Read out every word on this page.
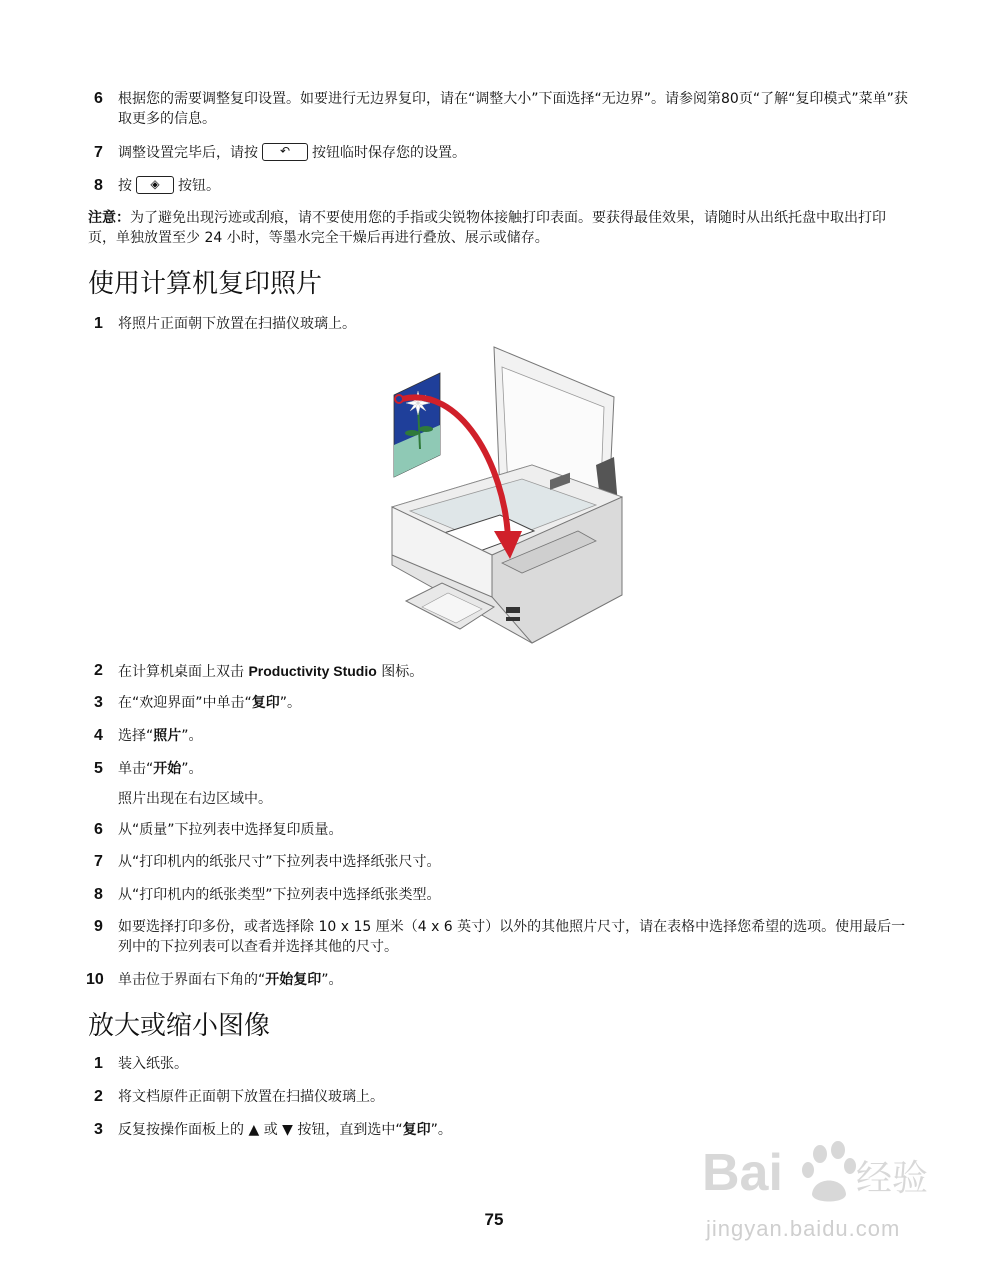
6	根据您的需要调整复印设置。如要进行无边界复印，请在“调整大小”下面选择“无边界”。请参阅第80页“了解“复印模式”菜单”获取更多的信息。
7	调整设置完毕后，请按 ↶ 按钮临时保存您的设置。
8	按 ◈ 按钮。
注意：为了避免出现污迹或刮痕，请不要使用您的手指或尖锐物体接触打印表面。要获得最佳效果，请随时从出纸托盘中取出打印页，单独放置至少 24 小时，等墨水完全干燥后再进行叠放、展示或储存。
使用计算机复印照片
1	将照片正面朝下放置在扫描仪玻璃上。
2	在计算机桌面上双击 Productivity Studio 图标。
3	在“欢迎界面”中单击“复印”。
4	选择“照片”。
5	单击“开始”。
照片出现在右边区域中。
6	从“质量”下拉列表中选择复印质量。
7	从“打印机内的纸张尺寸”下拉列表中选择纸张尺寸。
8	从“打印机内的纸张类型”下拉列表中选择纸张类型。
9	如要选择打印多份，或者选择除 10 x 15 厘米（4 x 6 英寸）以外的其他照片尺寸，请在表格中选择您希望的选项。使用最后一列中的下拉列表可以查看并选择其他的尺寸。
10 单击位于界面右下角的“开始复印”。
放大或缩小图像
1	装入纸张。
2	将文档原件正面朝下放置在扫描仪玻璃上。
3	反复按操作面板上的 ▲ 或 ▼ 按钮，直到选中“复印”。
75
Bai 经验
jingyan.baidu.com
